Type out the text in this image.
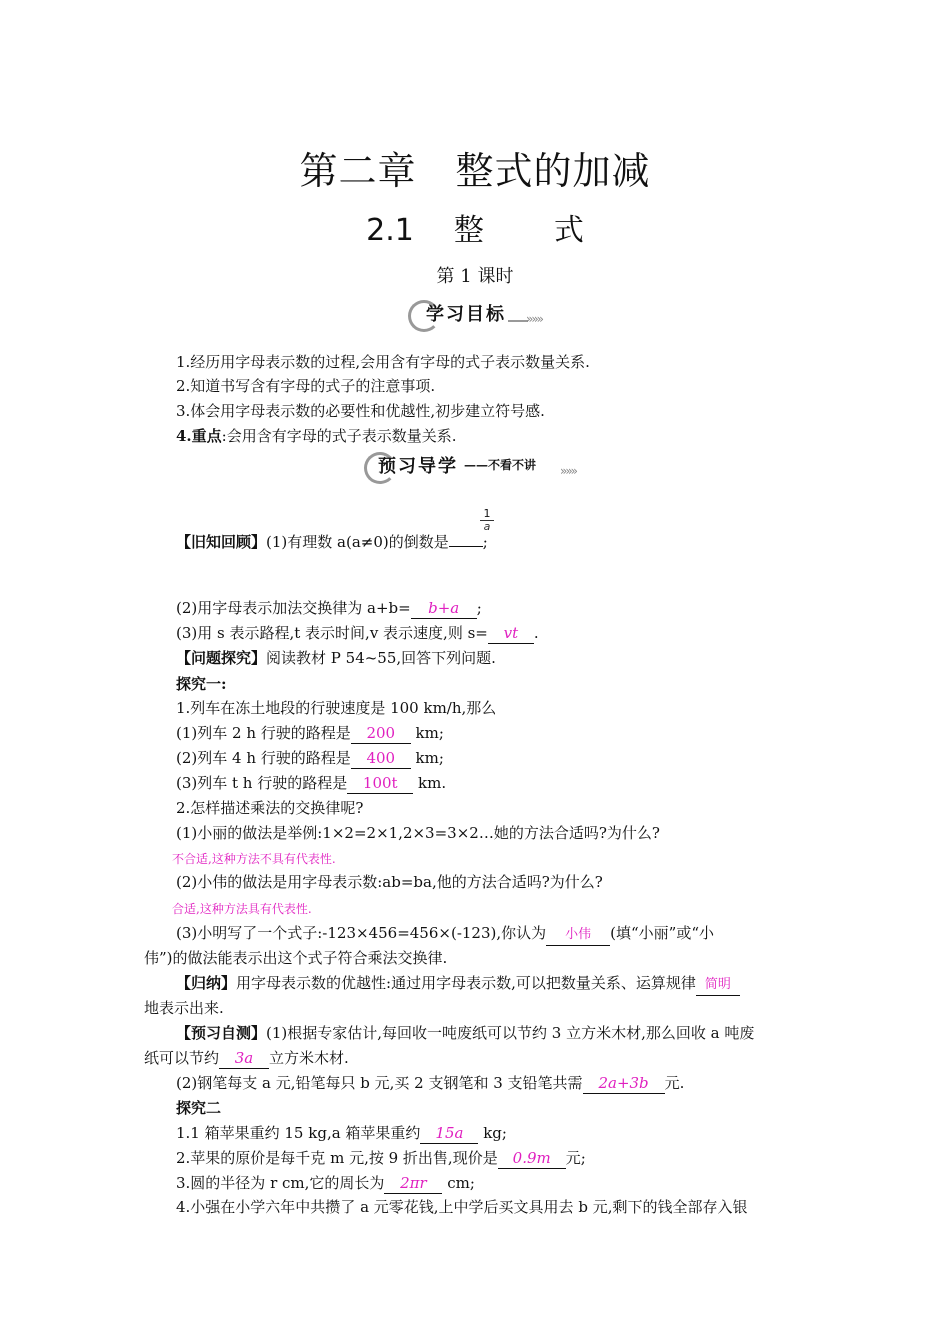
第二章　整式的加减
2.1 整 式
第 1 课时
学习目标 »»»
1.经历用字母表示数的过程,会用含有字母的式子表示数量关系.
2.知道书写含有字母的式子的注意事项.
3.体会用字母表示数的必要性和优越性,初步建立符号感.
4.重点:会用含有字母的式子表示数量关系.
预习导学 ——不看不讲 »»»
$\frac{1}{a}$
【旧知回顾】(1)有理数 a(a≠0)的倒数是 ;
(2)用字母表示加法交换律为 a+b= b+a ;
(3)用 s 表示路程,t 表示时间,v 表示速度,则 s= vt .
【问题探究】阅读教材 P 54~55,回答下列问题.
探究一:
1.列车在冻土地段的行驶速度是 100 km/h,那么
(1)列车 2 h 行驶的路程是 200 km;
(2)列车 4 h 行驶的路程是 400 km;
(3)列车 t h 行驶的路程是 100t km.
2.怎样描述乘法的交换律呢?
(1)小丽的做法是举例:1×2=2×1,2×3=3×2…她的方法合适吗?为什么?
不合适,这种方法不具有代表性.
(2)小伟的做法是用字母表示数:ab=ba,他的方法合适吗?为什么?
合适,这种方法具有代表性.
(3)小明写了一个式子:-123×456=456×(-123),你认为 小伟 (填“小丽”或“小
伟”)的做法能表示出这个式子符合乘法交换律.
【归纳】用字母表示数的优越性:通过用字母表示数,可以把数量关系、运算规律 简明
地表示出来.
【预习自测】(1)根据专家估计,每回收一吨废纸可以节约 3 立方米木材,那么回收 a 吨废
纸可以节约 3a 立方米木材.
(2)钢笔每支 a 元,铅笔每只 b 元,买 2 支钢笔和 3 支铅笔共需 2a+3b 元.
探究二
1.1 箱苹果重约 15 kg,a 箱苹果重约 15a kg;
2.苹果的原价是每千克 m 元,按 9 折出售,现价是 0.9m 元;
3.圆的半径为 r cm,它的周长为 2πr cm;
4.小强在小学六年中共攒了 a 元零花钱,上中学后买文具用去 b 元,剩下的钱全部存入银
